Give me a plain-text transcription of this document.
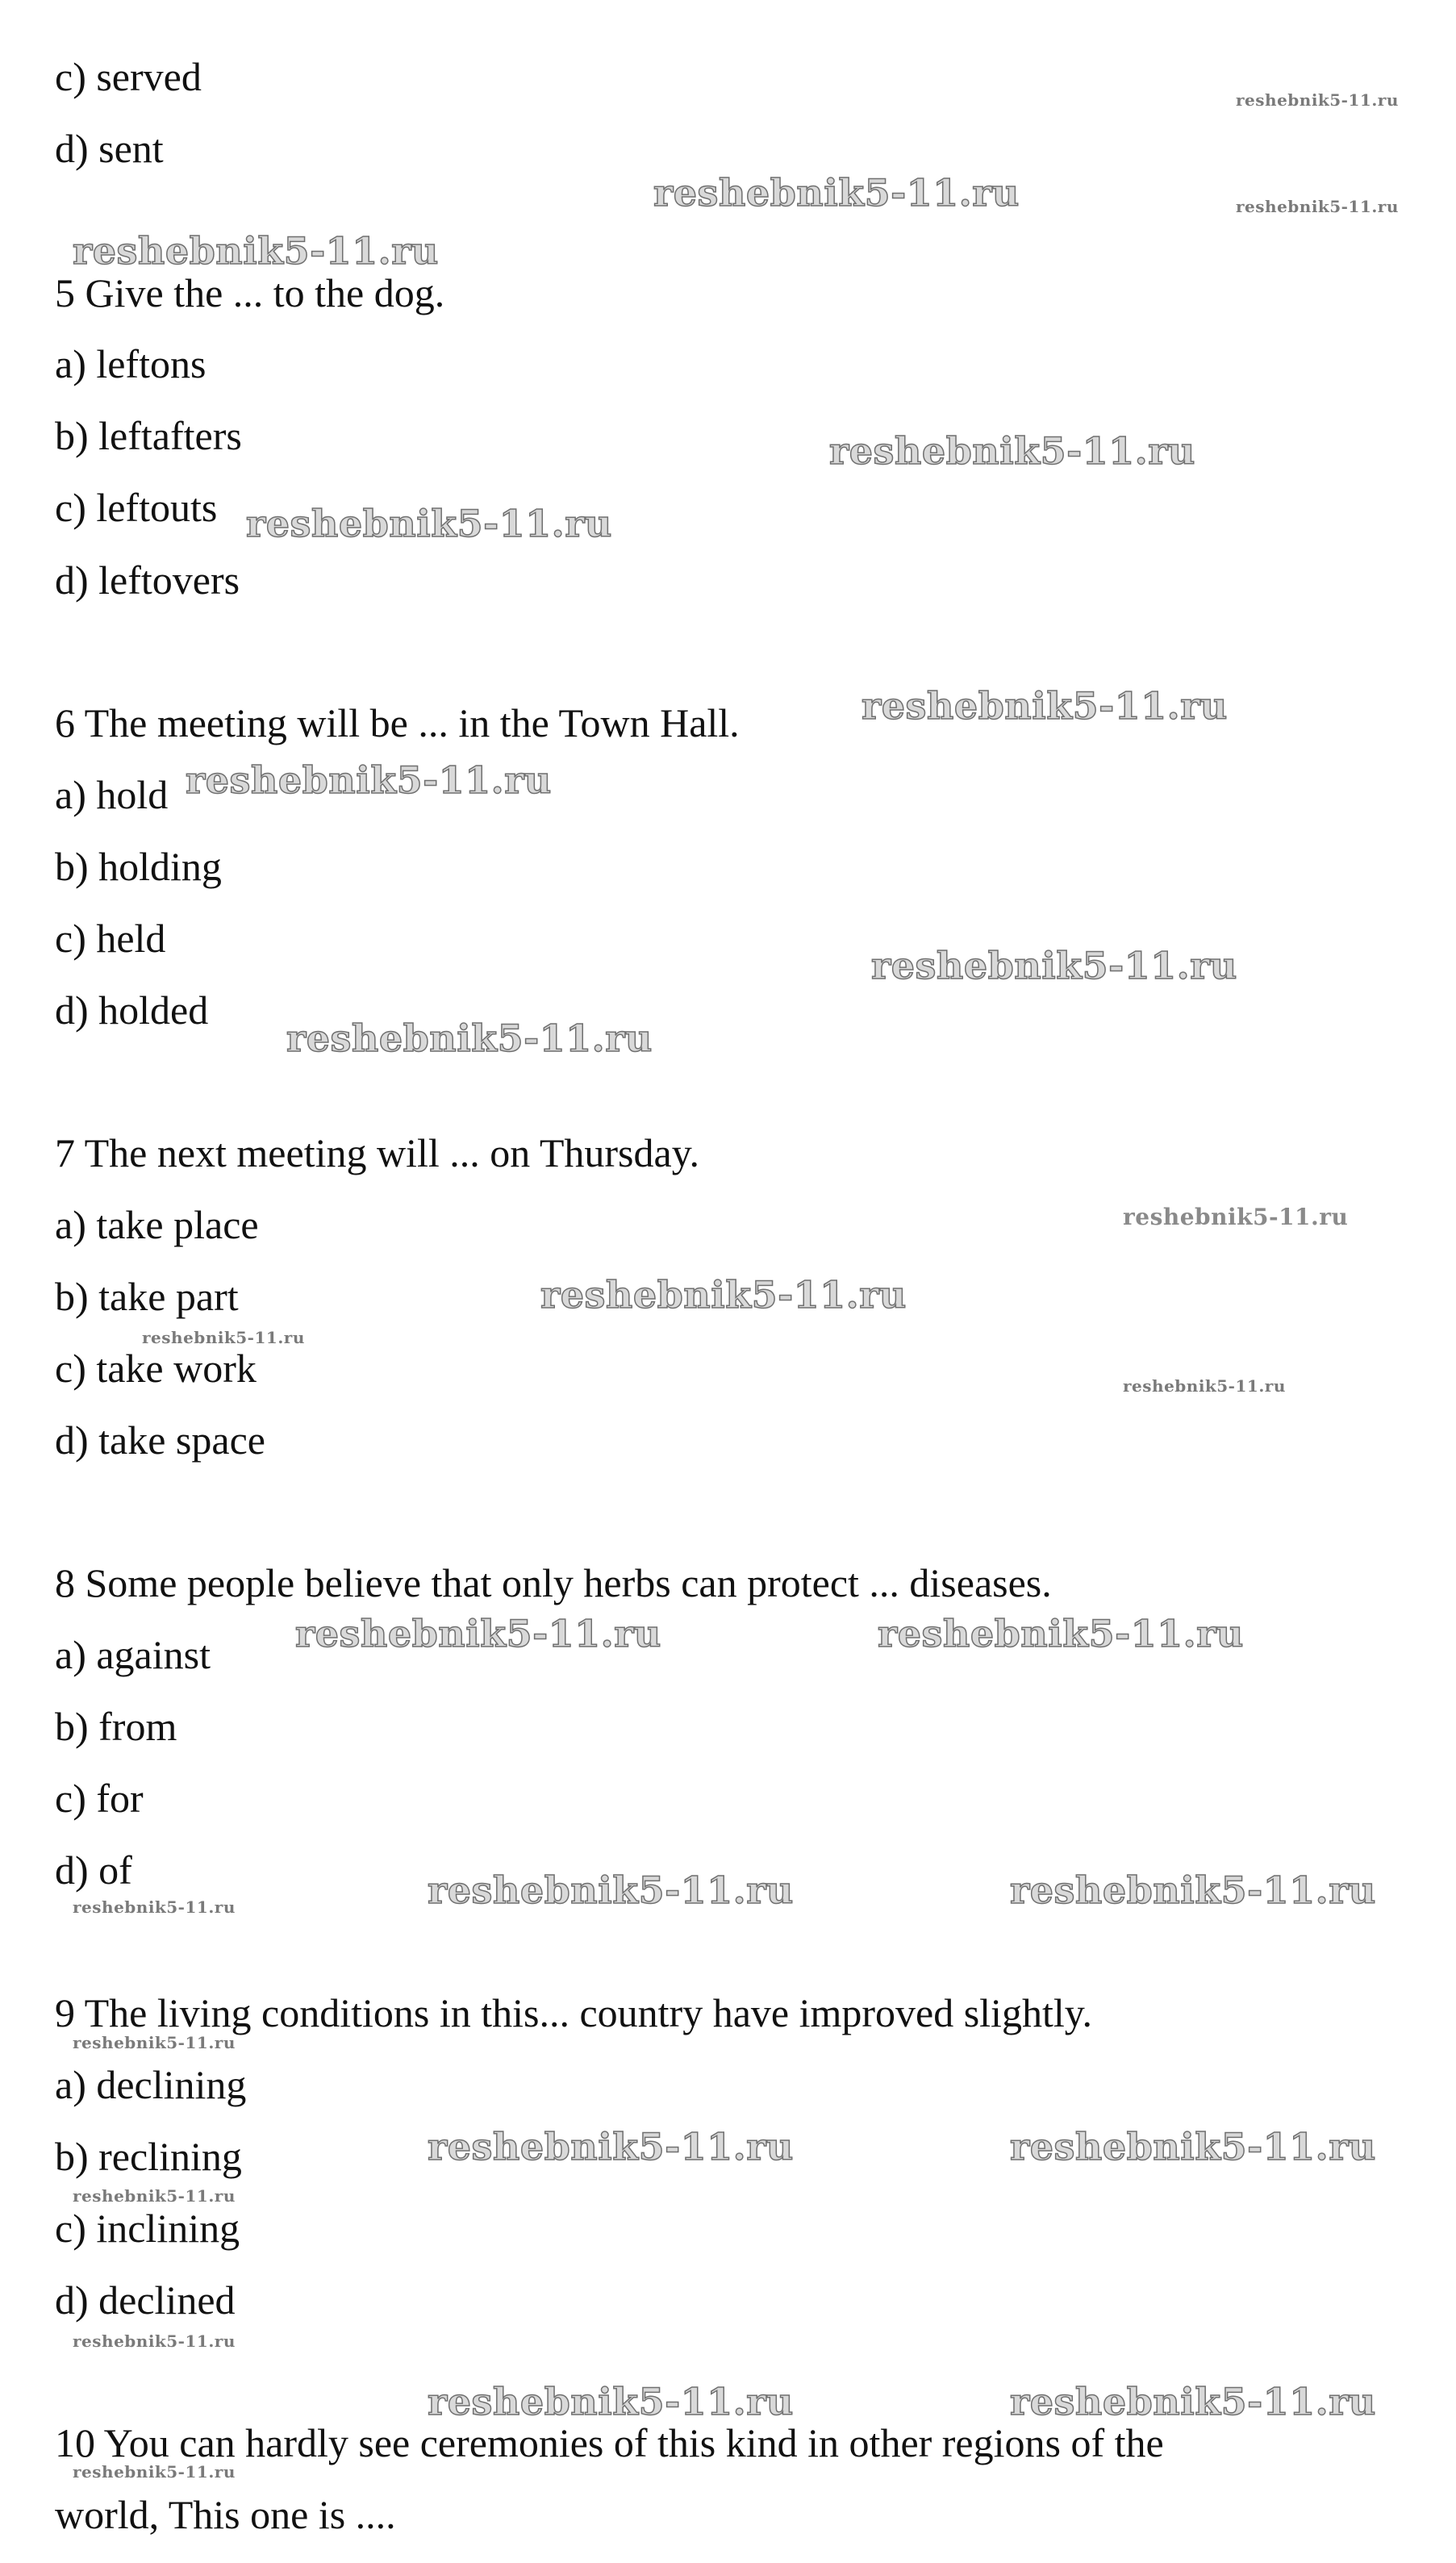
c) served
d) sent
5 Give the ... to the dog.
a) leftons
b) leftafters
c) leftouts
d) leftovers
6 The meeting will be ... in the Town Hall.
a) hold
b) holding
c) held
d) holded
7 The next meeting will ... on Thursday.
a) take place
b) take part
c) take work
d) take space
8 Some people believe that only herbs can protect ... diseases.
a) against
b) from
c) for
d) of
9 The living conditions in this... country have improved slightly.
a) declining
b) reclining
c) inclining
d) declined
10 You can hardly see ceremonies of this kind in other regions of the
world, This one is ....
reshebnik5-11.ru
reshebnik5-11.ru
reshebnik5-11.ru
reshebnik5-11.ru
reshebnik5-11.ru
reshebnik5-11.ru
reshebnik5-11.ru
reshebnik5-11.ru
reshebnik5-11.ru
reshebnik5-11.ru
reshebnik5-11.ru
reshebnik5-11.ru
reshebnik5-11.ru
reshebnik5-11.ru
reshebnik5-11.ru	reshebnik5-11.ru
reshebnik5-11.ru	reshebnik5-11.ru
reshebnik5-11.ru
reshebnik5-11.ru
reshebnik5-11.ru	reshebnik5-11.ru
reshebnik5-11.ru
reshebnik5-11.ru
reshebnik5-11.ru	reshebnik5-11.ru
reshebnik5-11.ru
